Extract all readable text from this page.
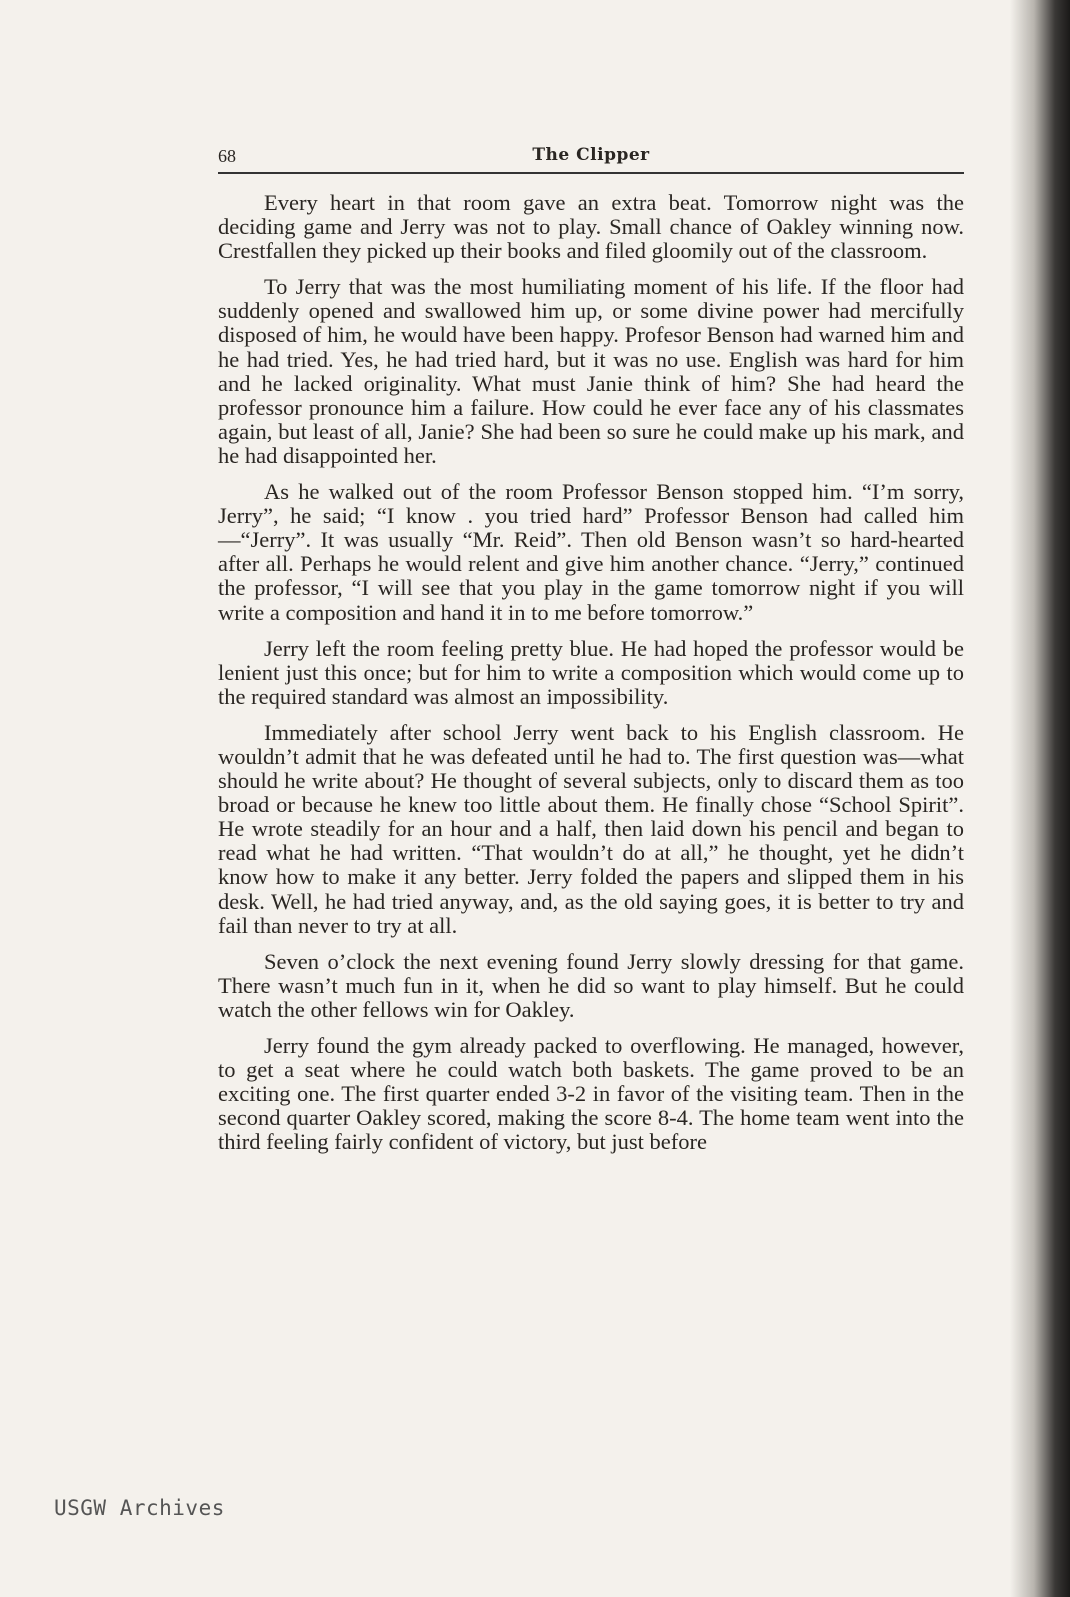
68	The Clipper

Every heart in that room gave an extra beat. Tomorrow night was the deciding game and Jerry was not to play. Small chance of Oakley winning now. Crestfallen they picked up their books and filed gloomily out of the classroom.

To Jerry that was the most humiliating moment of his life. If the floor had suddenly opened and swallowed him up, or some divine power had mercifully disposed of him, he would have been happy. Profesor Benson had warned him and he had tried. Yes, he had tried hard, but it was no use. English was hard for him and he lacked originality. What must Janie think of him? She had heard the professor pronounce him a failure. How could he ever face any of his classmates again, but least of all, Janie? She had been so sure he could make up his mark, and he had disappointed her.

As he walked out of the room Professor Benson stopped him. “I’m sorry, Jerry”, he said; “I know . you tried hard” Professor Benson had called him—“Jerry”. It was usually “Mr. Reid”. Then old Benson wasn’t so hard-hearted after all. Perhaps he would relent and give him another chance. “Jerry,” continued the professor, “I will see that you play in the game tomorrow night if you will write a composition and hand it in to me before tomorrow.”

Jerry left the room feeling pretty blue. He had hoped the professor would be lenient just this once; but for him to write a composition which would come up to the required standard was almost an impossibility.

Immediately after school Jerry went back to his English classroom. He wouldn’t admit that he was defeated until he had to. The first question was—what should he write about? He thought of several subjects, only to discard them as too broad or because he knew too little about them. He finally chose “School Spirit”. He wrote steadily for an hour and a half, then laid down his pencil and began to read what he had written. “That wouldn’t do at all,” he thought, yet he didn’t know how to make it any better. Jerry folded the papers and slipped them in his desk. Well, he had tried anyway, and, as the old saying goes, it is better to try and fail than never to try at all.

Seven o’clock the next evening found Jerry slowly dressing for that game. There wasn’t much fun in it, when he did so want to play himself. But he could watch the other fellows win for Oakley.

Jerry found the gym already packed to overflowing. He managed, however, to get a seat where he could watch both baskets. The game proved to be an exciting one. The first quarter ended 3-2 in favor of the visiting team. Then in the second quarter Oakley scored, making the score 8-4. The home team went into the third feeling fairly confident of victory, but just before

USGW Archives
